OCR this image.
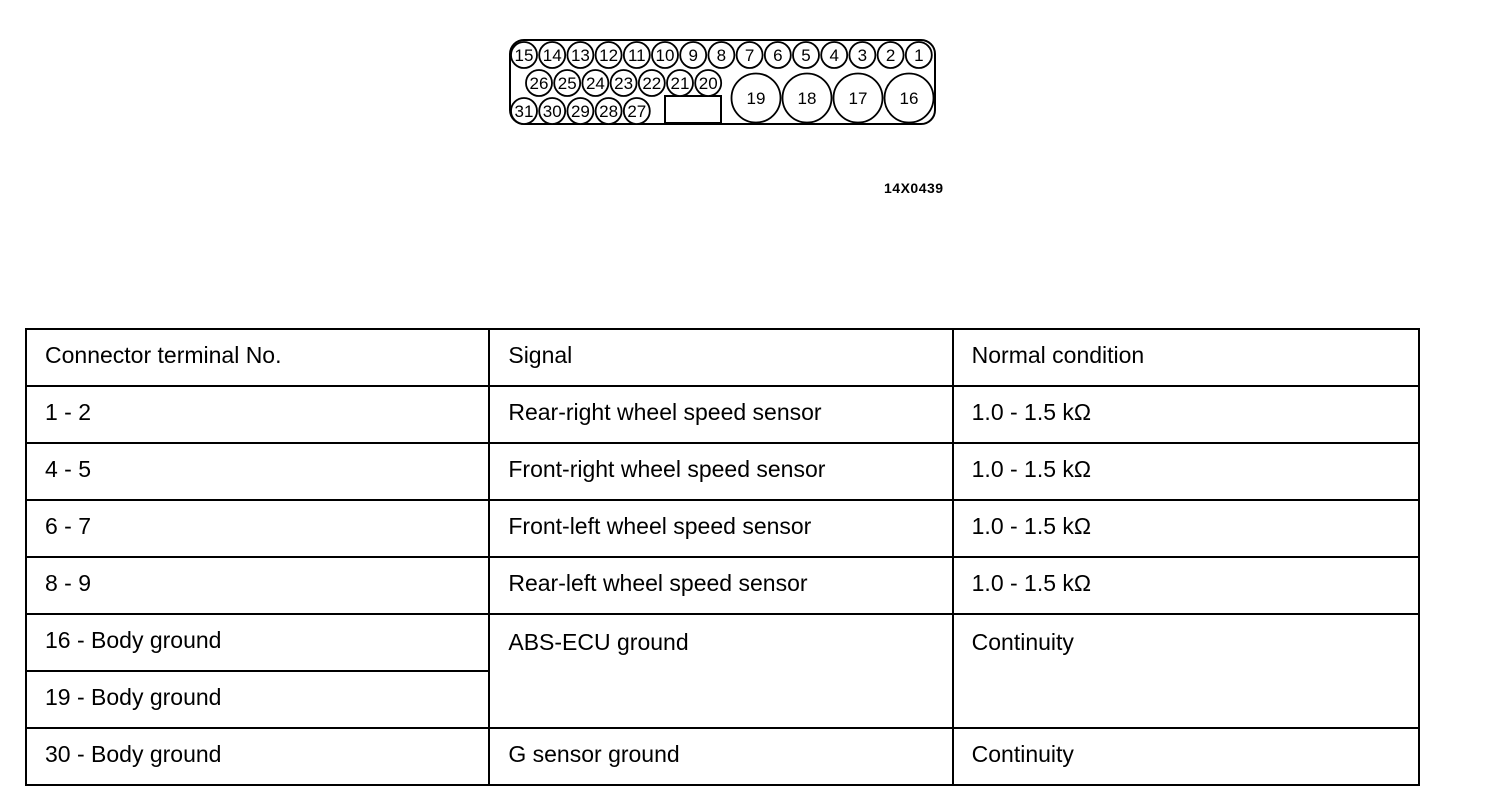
15 14 13 12 11 10 9 8 7 6 5 4 3 2 1
26 25 24 23 22 21 20
31 30 29 28 27
19 18 17 16
14X0439
Connector terminal No.	Signal	Normal condition
1 - 2	Rear-right wheel speed sensor	1.0 - 1.5 kΩ
4 - 5	Front-right wheel speed sensor	1.0 - 1.5 kΩ
6 - 7	Front-left wheel speed sensor	1.0 - 1.5 kΩ
8 - 9	Rear-left wheel speed sensor	1.0 - 1.5 kΩ
16 - Body ground	ABS-ECU ground	Continuity
19 - Body ground		
30 - Body ground	G sensor ground	Continuity
